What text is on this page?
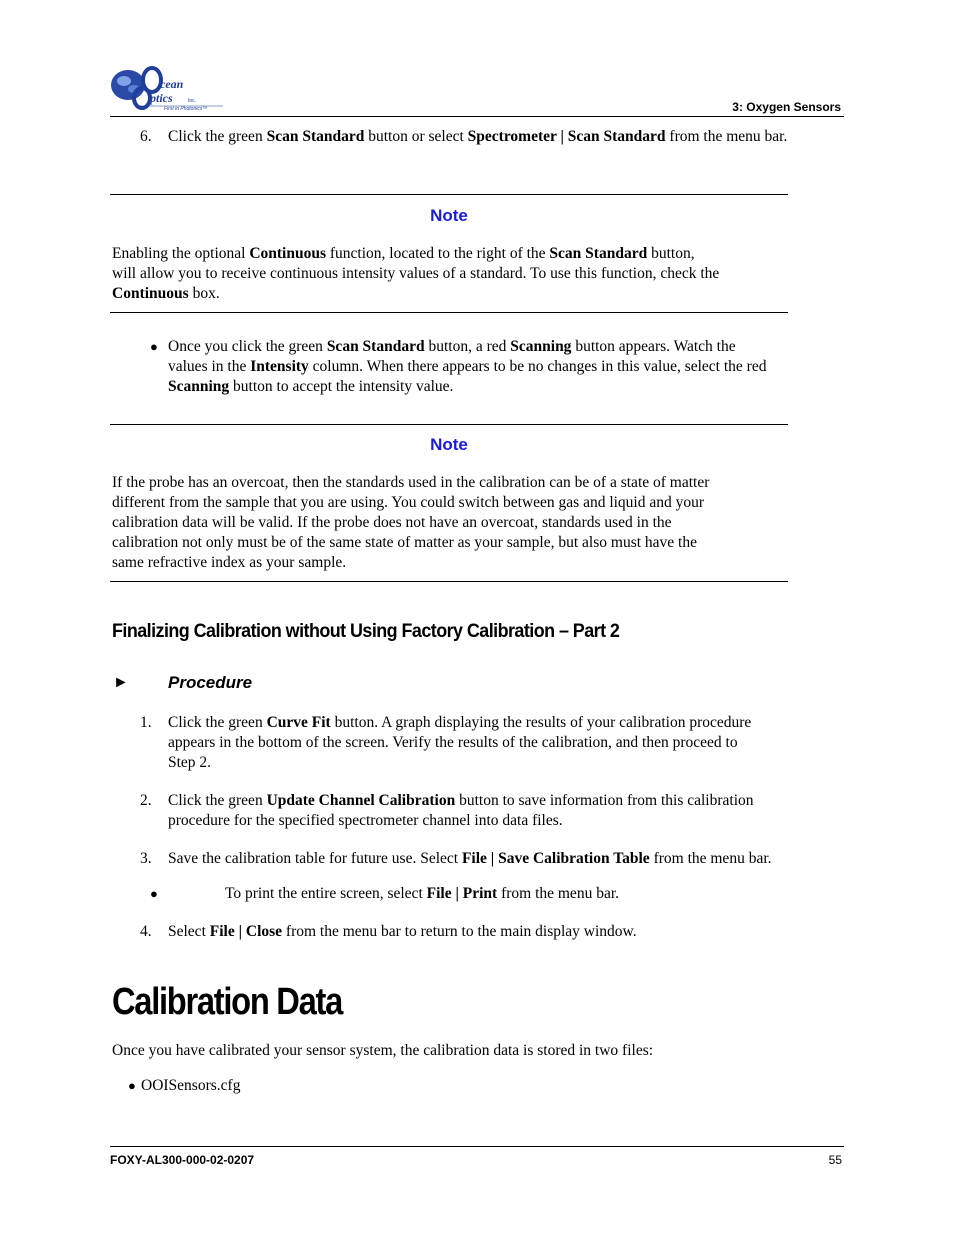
cean
ptics	Inc.
First in Photonics™	3: Oxygen Sensors
6.	Click the green Scan Standard button or select Spectrometer | Scan Standard from the menu bar.
Note
Enabling the optional Continuous function, located to the right of the Scan Standard button,
will allow you to receive continuous intensity values of a standard. To use this function, check the
Continuous box.
● Once you click the green Scan Standard button, a red Scanning button appears. Watch the
values in the Intensity column. When there appears to be no changes in this value, select the red
Scanning button to accept the intensity value.
Note
If the probe has an overcoat, then the standards used in the calibration can be of a state of matter
different from the sample that you are using. You could switch between gas and liquid and your
calibration data will be valid. If the probe does not have an overcoat, standards used in the
calibration not only must be of the same state of matter as your sample, but also must have the
same refractive index as your sample.
Finalizing Calibration without Using Factory Calibration – Part 2
► Procedure
1.	Click the green Curve Fit button. A graph displaying the results of your calibration procedure
appears in the bottom of the screen. Verify the results of the calibration, and then proceed to
Step 2.
2.	Click the green Update Channel Calibration button to save information from this calibration
procedure for the specified spectrometer channel into data files.
3.	Save the calibration table for future use. Select File | Save Calibration Table from the menu bar.
●	To print the entire screen, select File | Print from the menu bar.
4.	Select File | Close from the menu bar to return to the main display window.
Calibration Data
Once you have calibrated your sensor system, the calibration data is stored in two files:
● OOISensors.cfg
FOXY-AL300-000-02-0207	55
